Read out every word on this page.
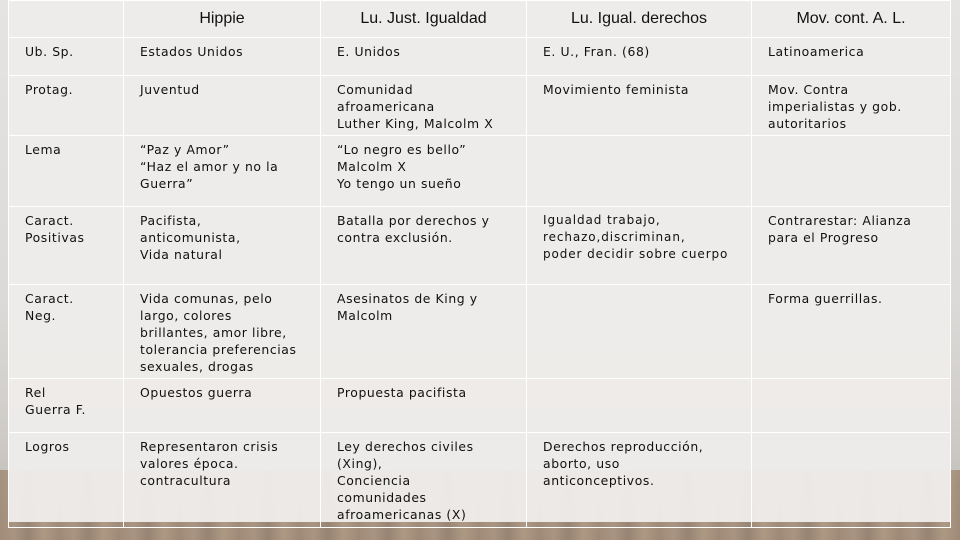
	Hippie	Lu. Just. Igualdad	Lu. Igual. derechos	Mov. cont. A. L.
Ub. Sp.	Estados Unidos	E. Unidos	E. U., Fran. (68)	Latinoamerica
Protag.	Juventud	Comunidad
afroamericana
Luther King, Malcolm X	Movimiento feminista	Mov. Contra
imperialistas y gob.
autoritarios
Lema	“Paz y Amor”
“Haz el amor y no la
Guerra”	“Lo negro es bello”
Malcolm X
Yo tengo un sueño		
Caract.
Positivas	Pacifista,
anticomunista,
Vida natural	Batalla por derechos y
contra exclusión.	Igualdad trabajo,
rechazo,discriminan,
poder decidir sobre cuerpo	Contrarestar: Alianza
para el Progreso
Caract.
Neg.	Vida comunas, pelo
largo, colores
brillantes, amor libre,
tolerancia preferencias
sexuales, drogas	Asesinatos de King y
Malcolm		Forma guerrillas.
Rel
Guerra F.	Opuestos guerra	Propuesta pacifista		
Logros	Representaron crisis
valores época.
contracultura	Ley derechos civiles
(Xing),
Conciencia
comunidades
afroamericanas (X)	Derechos reproducción,
aborto, uso
anticonceptivos.	
